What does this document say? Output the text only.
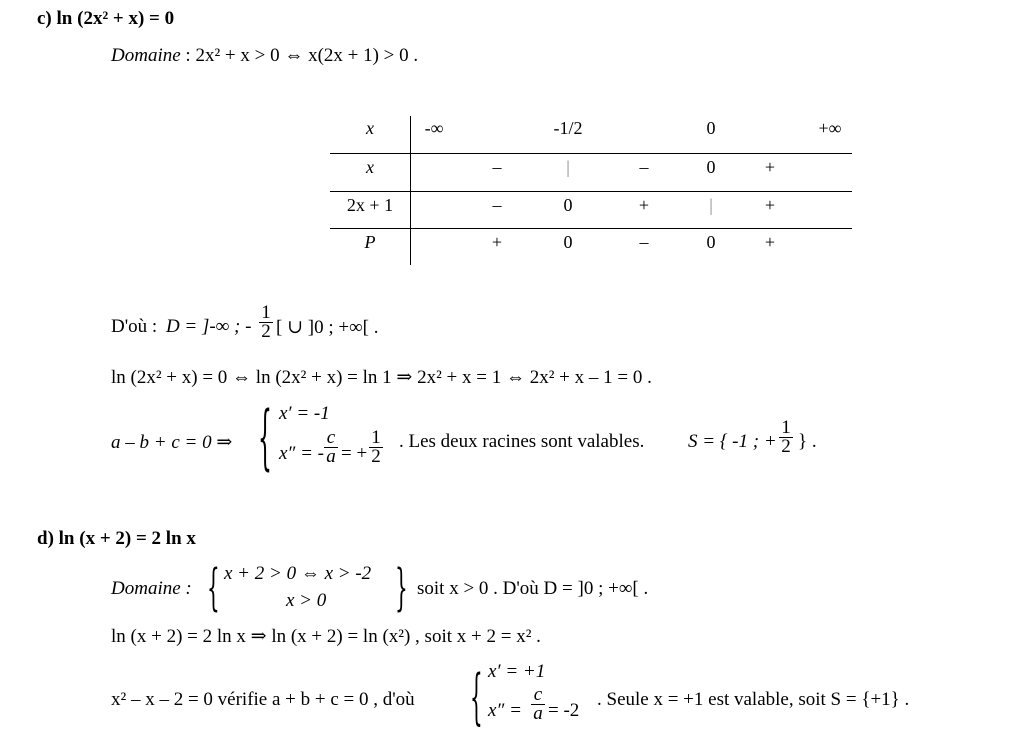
c) ln (2x² + x) = 0
Domaine : 2x² + x > 0 ⇔ x(2x + 1) > 0 .
x	-∞	-1/2	0	+∞
x	–	|	–	0	+
2x + 1	–	0	+	|	+
P	+	0	–	0	+
D'où : D = ]-∞ ; -
1
2 [ ∪ ]0 ; +∞[ .
ln (2x² + x) = 0 ⇔ ln (2x² + x) = ln 1 ⇒ 2x² + x = 1 ⇔ 2x² + x – 1 = 0 .
a – b + c = 0 ⇒ { x′ = -1
x″ = -
c
a = +
1
2
. Les deux racines sont valables. S = { -1 ; +
1
2 } .
d) ln (x + 2) = 2 ln x
Domaine : { x + 2 > 0 ⇔ x > -2
x > 0	} soit x > 0 . D'où D = ]0 ; +∞[ .
ln (x + 2) = 2 ln x ⇒ ln (x + 2) = ln (x²) , soit x + 2 = x² .
x² – x – 2 = 0 vérifie a + b + c = 0 , d'où	{ x′ = +1
x″ =
c
a = -2
. Seule x = +1 est valable, soit S = {+1} .
